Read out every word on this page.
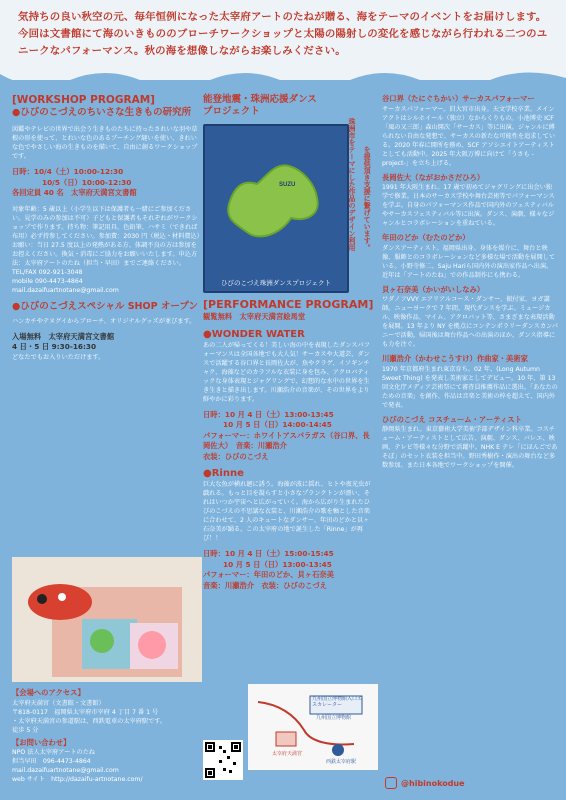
気持ちの良い秋空の元、毎年恒例になった太宰府アートのたねが贈る、海をテーマのイベントをお届けします。今回は文書館にて海のいきもののブローチワークショップと太陽の陽射しの変化を感じながら行われる二つのユニークなパフォーマンス。秋の海を想像しながらお楽しみください。

[WORKSHOP PROGRAM]
●ひびのこづえのちいさな生きもの研究所

図鑑やテレビの世界で出会う生きものたちに持ったされいな羽や草根の形を使って、とれいな色のあるブーチング縫いを使い、きれいな色でやさしい海の生きものを描いて、自由に創るワークショップです。

日時：10/4（土）10:00-12:30

10/5（日）10:00-12:30

各回定員 40 名　太宰府天満宮文書館

対象年齢：5 歳以上（小学生以下は保護者も一緒にご参加ください。見学のみの参加は不可）子どもと保護者もそれぞれがワークショップで作ります。持ち物：筆記用具、色鉛筆、ハサミ（できれば布用）必ず持参してください。参加費：2030 円（税込・材料費込）お願い：当日 27.5 度以上の発熱がある方、体調不良の方は参加をお控えください。換気・消毒にご協力をお願いいたします。申込方法：太宰府アートのたね（担当・早田）までご連絡ください。

TEL/FAX 092-921-3048

mobile 090-4473-4864

mail.dazaifuartnotane@gmail.com

●ひびのこづえスペシャル SHOP オープン

ハンカチやテヌグイからブローチ、オリジナルグッズが並びます。

入場無料　太宰府天満宮文書館

4 日・5 日 9:30-16:30

どなたでもお入りいただけます。

【会場へのアクセス】

太宰府天満宮（文書館・文書館）

〒818-0117　福岡県太宰府市宰府 4 丁目 7 番 1 号

・太宰府天満宮の参道駅は、西鉄電車の太宰府駅です。

徒歩 5 分

【お問い合わせ】

NPO 法人太宰府アートのたね

担当早田　096-4473-4864

mail.dazaifuartnotane@gmail.com

web サイト　http://dazaifu-artnotane.com/

能登地震・珠洲応援ダンスプロジェクト
SUZU
ひびのこづえ珠洲ダンスプロジェクト
珠洲市をテーマにした作品のデザイン利用 を提供頂き支援に繋げています。
[PERFORMANCE PROGRAM]

観覧無料　太宰府天満宮絵馬堂

●WONDER WATER

あの二人が帰ってくる！美しい海の中を表現したダンスパフォーマンスは全国各地でも大人気！サーカスや大道芸、ダンスで活躍する谷口界と長岡佐大が、魚やクラゲ、イソギンチャク、海藻などのカラフルな衣装に身を包み、アクロバティックな身体表現とジャグリングで、幻想的な水中の世界を生き生きと描き出します。川瀬浩介の音楽が、その世界をより鮮やかに彩ります。

日時：10 月 4 日（土）13:00-13:45

10 月 5 日（日）14:00-14:45

パフォーマー：ホワイトアスパラガス（谷口界、長岡佐大）　音楽：川瀬浩介

衣装：ひびのこづえ

●Rinne

巨大な魚が横れ廻に誘う。海藻が波に揺れ、ヒトや夜光虫が戯れる。もっと目を凝らすと小さなプランクトンが漂い、それはいつか宇宙へと広がっていく。海から広がり生まれたひびのこづえの不思議な衣装と、川瀬浩介の歌を軸とした音楽に合わせて、2 人のキュートなダンサー、年田のどかと貝ヶ石奈美が踊る。この太宰府の地で誕生した「Rinne」が再び！！

日時：10 月 4 日（土）15:00-15:45

10 月 5 日（日）13:00-13:45

パフォーマー：年田のどか、貝ヶ石奈美

音楽：川瀬浩介　衣装：ひびのこづえ

九州国立博物館入口エスカレーター
太宰府天満宮
西鉄太宰府駅
九州国立博物館

谷口界（たにぐちかい）サーカスパフォーマー

サーカスパフォーマー。旧大宮市出身。天文学校卒業。メインアクトはシルホイール（独立）なからくりもの。小池博史 ICF「風の又三郎」森山開次「サーカス」等に出演。ジャンルに縛られない自由な発想で、サーカスの新たな可能性を追求している。2020 年春に開所を務め、SCF アソシエイトアーティストとしても活動中。2025 年大阪万博に向けて「うさも -project-」を立ち上げる。

長岡佐大（ながおかさだひろ）

1991 年大阪生まれ。17 歳で初めてジャグリングに出会い独学で修業。日本のサーカス学校や舞台芸術等でパフォーマンスを学ぶ。自身のパフォーマンス作品で国内外のフェスティバルやサーカスフェスティバル等に出演。ダンス、演劇、様々なジャンルとコラボレーションを重ねている。

年田のどか（むたのどか）

ダンスアーティスト。福岡県出身。身体を媒介に、舞台と映像、服飾とのコラボレーションなど多様な場で活動を展開している。小野寺修二、Saju Hariら国内外の演出家作品へ出演。近年は「アートのたね」での作品制作にも携わる。

貝ヶ石奈美（かいがいしなみ）

ワダノフVVY エアリアルコース・ダンサー、振付家、ヨガ講師。ニューヨークで 7 年間、現代ダンスを学ぶ。ミュージカル、映像作品、マイム、アクロバット等、さまざまな表現活動を展開。13 年より NY を拠点にコンテンポラリーダンスカンパニーで活動。帰国後は舞台作品への出演のほか、ダンス指導にも力を注ぐ。

川瀬浩介（かわせこうすけ）作曲家・美術家

1970 年京都府生まれ東京育ち。02 年、(Long Autumn Sweet Thing) を発表し美術家としてデビュー。10 年、第 13 回文化庁メディア芸術祭にて審査員推薦作品に選出。「あなたのための音楽」を創作、作品は音楽と美術の枠を超えて、国内外で発表。

ひびのこづえ コスチューム・アーティスト

静岡県生まれ。東京藝術大学美術学部デザイン科卒業。コスチューム・アーティストとして広告、演劇、ダンス、バレエ、映画、テレビ等様々な分野で活躍中。NHK E テレ「にほんごであそぼ」のセット衣装を担当中。野田秀樹作・演出の舞台など多数参加。また日本各地でワークショップを開催。

@hibinokodue
